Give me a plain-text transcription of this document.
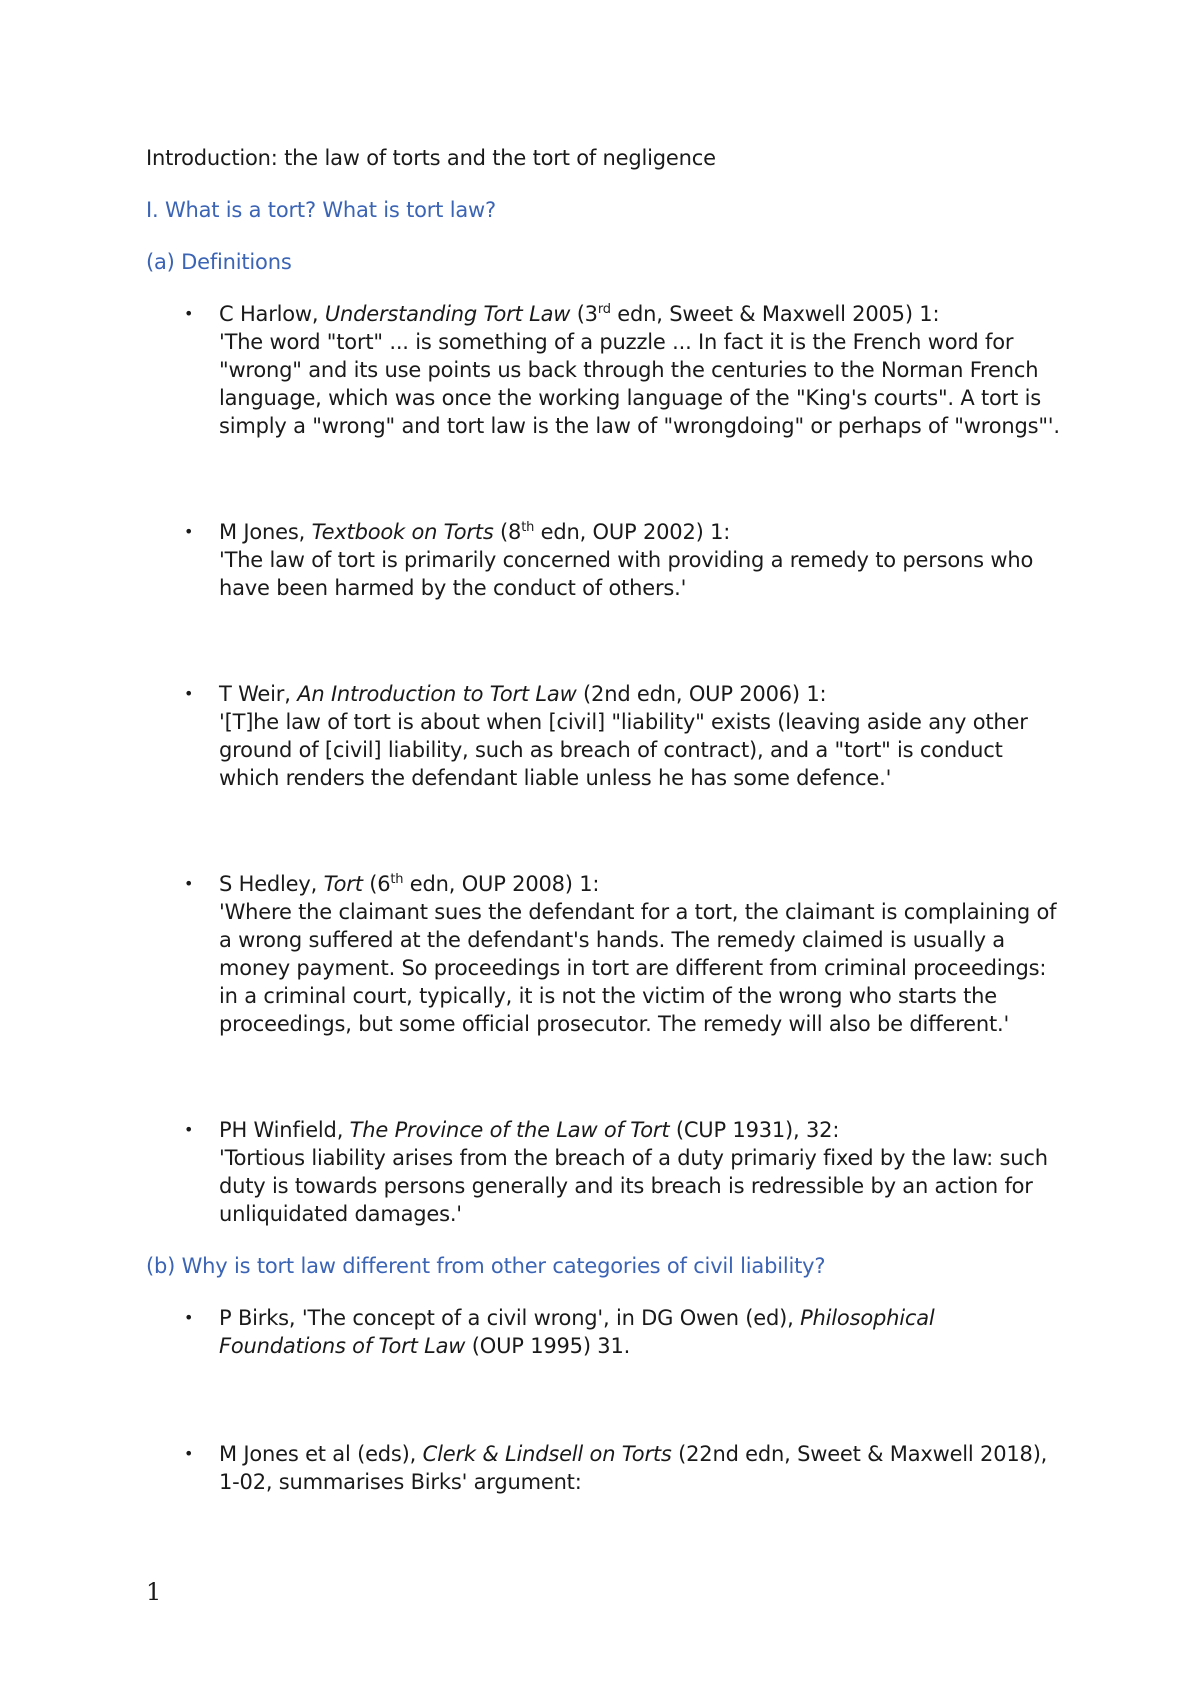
Introduction: the law of torts and the tort of negligence
I. What is a tort? What is tort law?
(a) Definitions
• C Harlow, Understanding Tort Law (3rd edn, Sweet & Maxwell 2005) 1:
'The word "tort" ... is something of a puzzle ... In fact it is the French word for "wrong" and its use points us back through the centuries to the Norman French language, which was once the working language of the "King's courts". A tort is simply a "wrong" and tort law is the law of "wrongdoing" or perhaps of "wrongs"'.
• M Jones, Textbook on Torts (8th edn, OUP 2002) 1:
'The law of tort is primarily concerned with providing a remedy to persons who have been harmed by the conduct of others.'
• T Weir, An Introduction to Tort Law (2nd edn, OUP 2006) 1:
'[T]he law of tort is about when [civil] "liability" exists (leaving aside any other ground of [civil] liability, such as breach of contract), and a "tort" is conduct which renders the defendant liable unless he has some defence.'
• S Hedley, Tort (6th edn, OUP 2008) 1:
'Where the claimant sues the defendant for a tort, the claimant is complaining of a wrong suffered at the defendant's hands. The remedy claimed is usually a money payment. So proceedings in tort are different from criminal proceedings: in a criminal court, typically, it is not the victim of the wrong who starts the proceedings, but some official prosecutor. The remedy will also be different.'
• PH Winfield, The Province of the Law of Tort (CUP 1931), 32:
'Tortious liability arises from the breach of a duty primariy fixed by the law: such duty is towards persons generally and its breach is redressible by an action for unliquidated damages.'
(b) Why is tort law different from other categories of civil liability?
• P Birks, 'The concept of a civil wrong', in DG Owen (ed), Philosophical Foundations of Tort Law (OUP 1995) 31.
• M Jones et al (eds), Clerk & Lindsell on Torts (22nd edn, Sweet & Maxwell 2018), 1-02, summarises Birks' argument:
1
